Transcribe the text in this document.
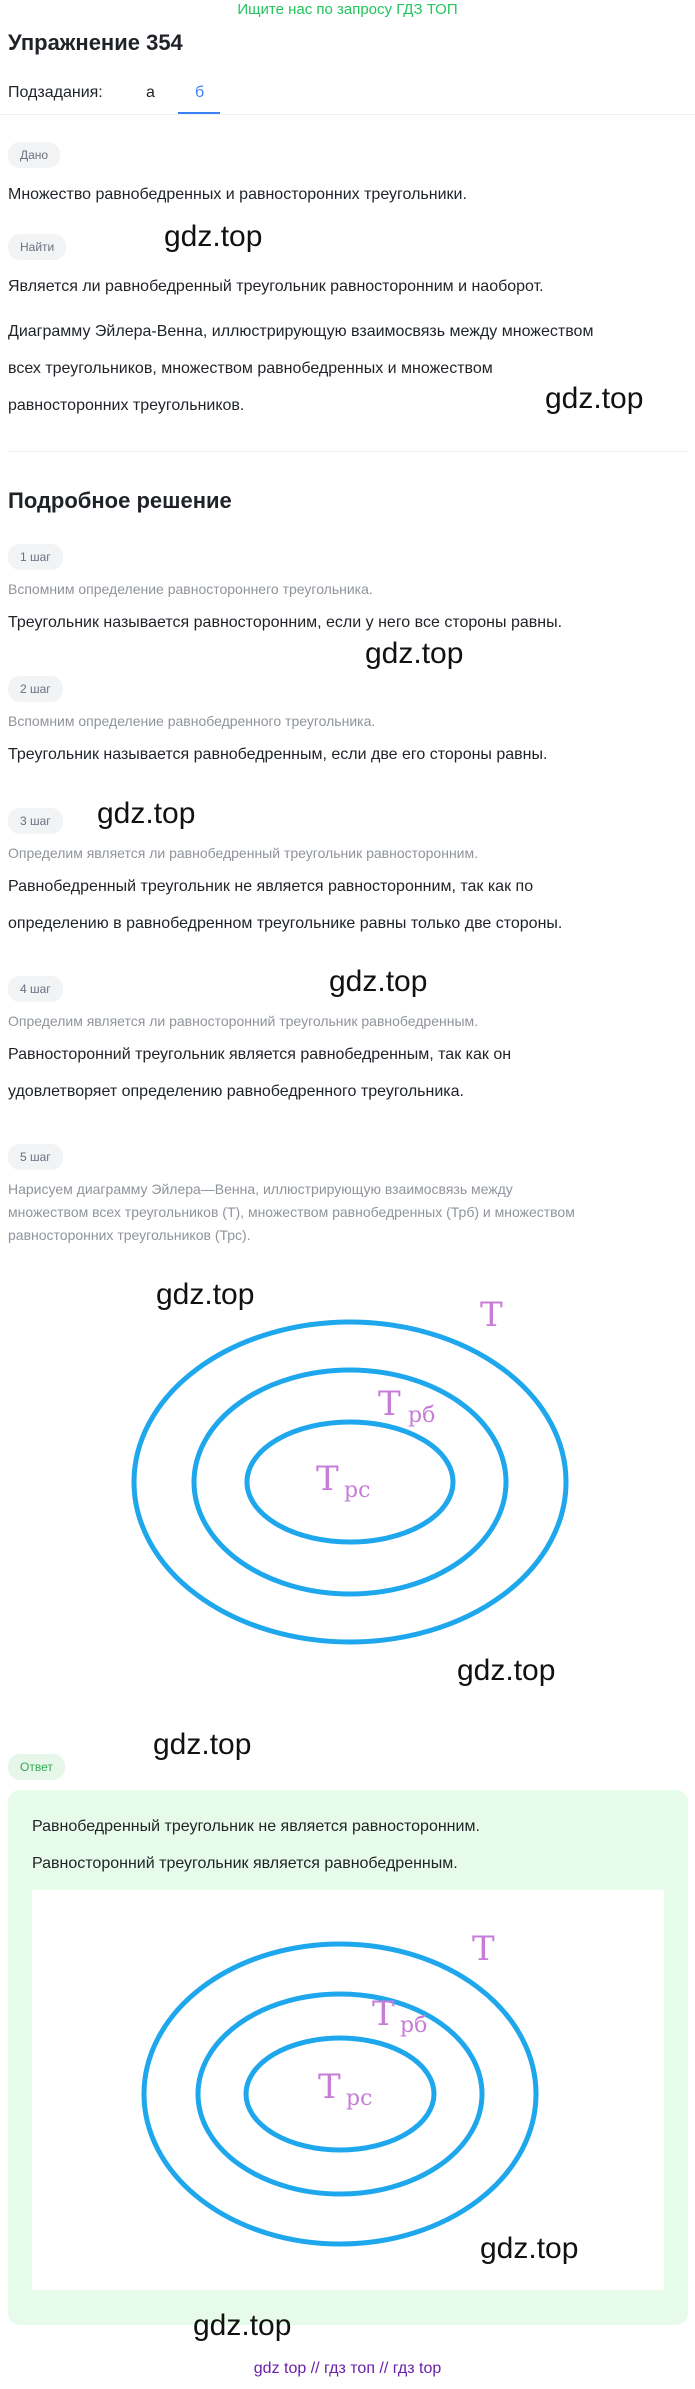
Ищите нас по запросу ГДЗ ТОП
Упражнение 354
Подзадания:	а	б
Дано
Множество равнобедренных и равносторонних треугольники.
Найти
Является ли равнобедренный треугольник равносторонним и наоборот.
Диаграмму Эйлера-Венна, иллюстрирующую взаимосвязь между множеством
всех треугольников, множеством равнобедренных и множеством
равносторонних треугольников.
Подробное решение
1 шаг
Вспомним определение равностороннего треугольника.
Треугольник называется равносторонним, если у него все стороны равны.
2 шаг
Вспомним определение равнобедренного треугольника.
Треугольник называется равнобедренным, если две его стороны равны.
3 шаг
Определим является ли равнобедренный треугольник равносторонним.
Равнобедренный треугольник не является равносторонним, так как по
определению в равнобедренном треугольнике равны только две стороны.
4 шаг
Определим является ли равносторонний треугольник равнобедренным.
Равносторонний треугольник является равнобедренным, так как он
удовлетворяет определению равнобедренного треугольника.
5 шаг
Нарисуем диаграмму Эйлера—Венна, иллюстрирующую взаимосвязь между
множеством всех треугольников (Т), множеством равнобедренных (Трб) и множеством
равносторонних треугольников (Трс).
Т
Т рб
Т рс
Ответ
Равнобедренный треугольник не является равносторонним.
Равносторонний треугольник является равнобедренным.
Т
Т рб
Т рс
gdz.top
gdz.top
gdz.top
gdz.top
gdz.top
gdz.top
gdz.top
gdz.top
gdz.top
gdz.top
gdz top // гдз топ // гдз top
